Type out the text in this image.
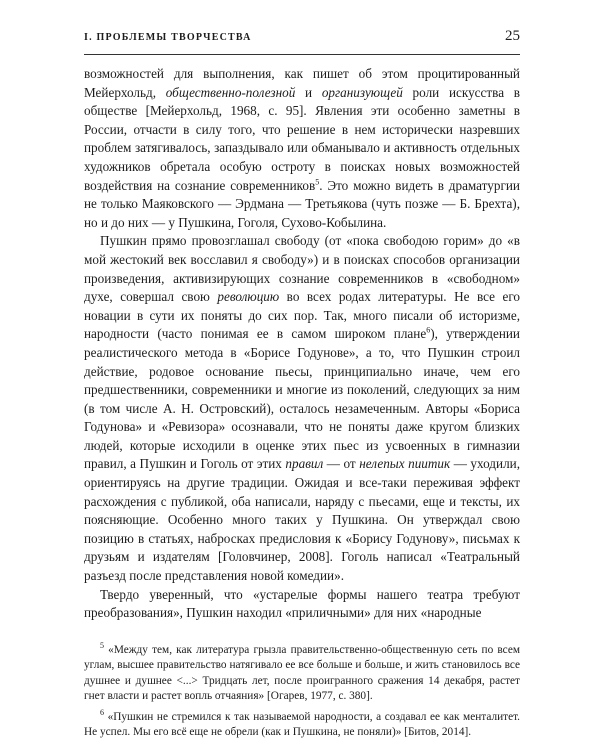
I. ПРОБЛЕМЫ ТВОРЧЕСТВА	25

возможностей для выполнения, как пишет об этом процитированный Мейерхольд, общественно-полезной и организующей роли искусства в обществе [Мейерхольд, 1968, с. 95]. Явления эти особенно заметны в России, отчасти в силу того, что решение в нем исторически назревших проблем затягивалось, запаздывало или обманывало и активность отдельных художников обретала особую остроту в поисках новых возможностей воздействия на сознание современников$^5$. Это можно видеть в драматургии не только Маяковского — Эрдмана — Третьякова (чуть позже — Б. Брехта), но и до них — у Пушкина, Гоголя, Сухово-Кобылина.

Пушкин прямо провозглашал свободу (от «пока свободою горим» до «в мой жестокий век восславил я свободу») и в поисках способов организации произведения, активизирующих сознание современников в «свободном» духе, совершал свою революцию во всех родах литературы. Не все его новации в сути их поняты до сих пор. Так, много писали об историзме, народности (часто понимая ее в самом широком плане$^6$), утверждении реалистического метода в «Борисе Годунове», а то, что Пушкин строил действие, родовое основание пьесы, принципиально иначе, чем его предшественники, современники и многие из поколений, следующих за ним (в том числе А. Н. Островский), осталось незамеченным. Авторы «Бориса Годунова» и «Ревизора» осознавали, что не поняты даже кругом близких людей, которые исходили в оценке этих пьес из усвоенных в гимназии правил, а Пушкин и Гоголь от этих правил — от нелепых пиитик — уходили, ориентируясь на другие традиции. Ожидая и все-таки переживая эффект расхождения с публикой, оба написали, наряду с пьесами, еще и тексты, их поясняющие. Особенно много таких у Пушкина. Он утверждал свою позицию в статьях, набросках предисловия к «Борису Годунову», письмах к друзьям и издателям [Головчинер, 2008]. Гоголь написал «Театральный разъезд после представления новой комедии».

Твердо уверенный, что «устарелые формы нашего театра требуют преобразования», Пушкин находил «приличными» для них «народные

$^5$ «Между тем, как литература грызла правительственно-общественную сеть по всем углам, высшее правительство натягивало ее все больше и больше, и жить становилось все душнее и душнее <...> Тридцать лет, после проигранного сражения 14 декабря, растет гнет власти и растет вопль отчаяния» [Огарев, 1977, с. 380].

$^6$ «Пушкин не стремился к так называемой народности, а создавал ее как менталитет. Не успел. Мы его всё еще не обрели (как и Пушкина, не поняли)» [Битов, 2014].
